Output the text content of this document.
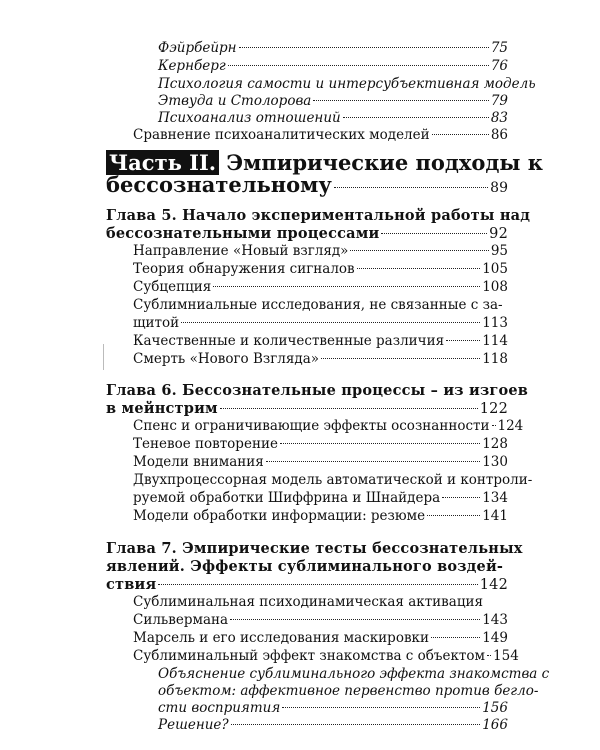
Фэйрбейрн	75
Кернберг	76
Психология самости и интерсубъективная модель
Этвуда и Столорова	79
Психоанализ отношений	83
Сравнение психоаналитических моделей	86
Часть II. Эмпирические подходы к
бессознательному	89
Глава 5. Начало экспериментальной работы над
бессознательными процессами	92
Направление «Новый взгляд»	95
Теория обнаружения сигналов	105
Субцепция	108
Сублимниальные исследования, не связанные с за-
щитой	113
Качественные и количественные различия	114
Смерть «Нового Взгляда»	118
Глава 6. Бессознательные процессы – из изгоев
в мейнстрим	122
Спенс и ограничивающие эффекты осознанности 124
Теневое повторение	128
Модели внимания	130
Двухпроцессорная модель автоматической и контроли-
руемой обработки Шиффрина и Шнайдера	134
Модели обработки информации: резюме	141
Глава 7. Эмпирические тесты бессознательных
явлений. Эффекты сублиминального воздей-
ствия	142
Сублиминальная психодинамическая активация
Сильвермана	143
Марсель и его исследования маскировки	149
Сублиминальный эффект знакомства с объектом 154
Объяснение сублиминального эффекта знакомства с
объектом: аффективное первенство против бегло-
сти восприятия	156
Решение?	166
